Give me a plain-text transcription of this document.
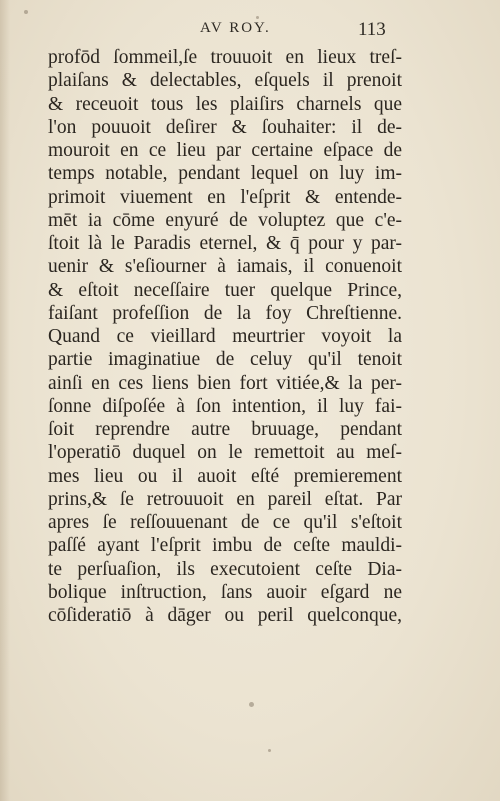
AV ROY.	113
profōd ſommeil,ſe trouuoit en lieux treſ-
plaiſans & delectables, eſquels il prenoit
& receuoit tous les plaiſirs charnels que
l'on pouuoit deſirer & ſouhaiter: il de-
mouroit en ce lieu par certaine eſpace de
temps notable, pendant lequel on luy im-
primoit viuement en l'eſprit & entende-
mēt ia cōme enyuré de voluptez que c'e-
ſtoit là le Paradis eternel, & q̄ pour y par-
uenir & s'eſiourner à iamais, il conuenoit
& eſtoit neceſſaire tuer quelque Prince,
faiſant profeſſion de la foy Chreſtienne.
Quand ce vieillard meurtrier voyoit la
partie imaginatiue de celuy qu'il tenoit
ainſi en ces liens bien fort vitiée,& la per-
ſonne diſpoſée à ſon intention, il luy fai-
ſoit reprendre autre bruuage, pendant
l'operatiō duquel on le remettoit au meſ-
mes lieu ou il auoit eſté premierement
prins,& ſe retrouuoit en pareil eſtat. Par
apres ſe reſſouuenant de ce qu'il s'eſtoit
paſſé ayant l'eſprit imbu de ceſte mauldi-
te perſuaſion, ils executoient ceſte Dia-
bolique inſtruction, ſans auoir eſgard ne
cōſideratiō à dāger ou peril quelconque,
